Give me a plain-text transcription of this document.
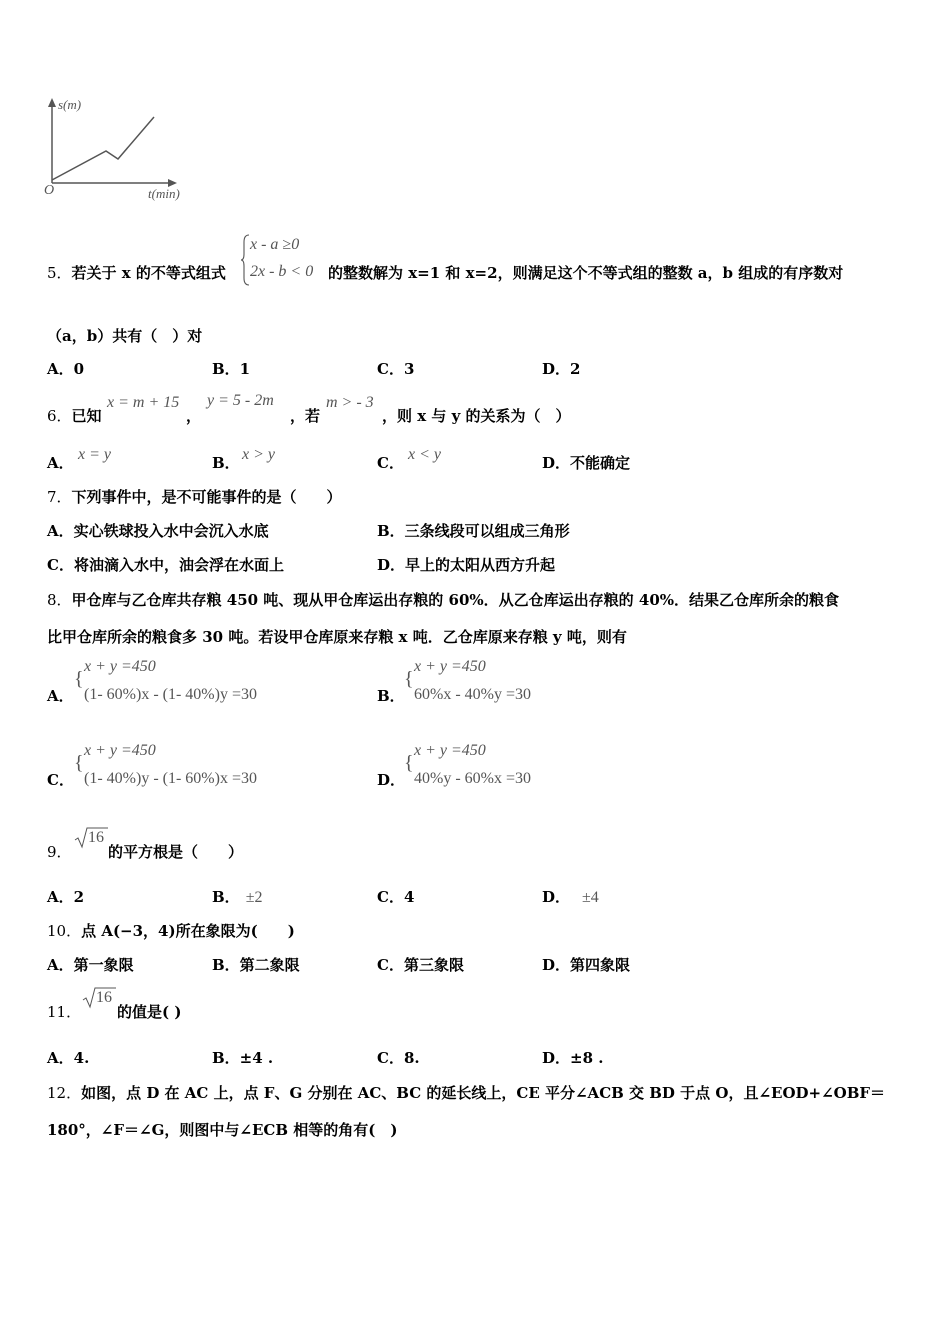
s(m)
t(min)
O
5．若关于 x 的不等式组式
x - a ≥0
2x - b < 0 的整数解为 x=1 和 x=2，则满足这个不等式组的整数 a，b 组成的有序数对
（a，b）共有（　）对
A．0	B．1	C．3	D．2
6．已知
x = m + 15
，
y = 5 - 2m
，若
m > - 3
，则 x 与 y 的关系为（　）
A． x = y	B． x > y	C． x < y	D．不能确定
7．下列事件中，是不可能事件的是（　　）
A．实心铁球投入水中会沉入水底	B．三条线段可以组成三角形
C．将油滴入水中，油会浮在水面上	D．早上的太阳从西方升起
8．甲仓库与乙仓库共存粮 450 吨、现从甲仓库运出存粮的 60%．从乙仓库运出存粮的 40%．结果乙仓库所余的粮食
比甲仓库所余的粮食多 30 吨。若设甲仓库原来存粮 x 吨．乙仓库原来存粮 y 吨，则有
A．
{
x + y =450
(1- 60%)x - (1- 40%)y =30	B．
{
x + y =450
60%x - 40%y =30
C．
{
x + y =450
(1- 40%)y - (1- 60%)x =30	D．
{
x + y =450
40%y - 60%x =30
9．
16
的平方根是（　　）
A．2	B． ±2	C．4	D． ±4
10．点 A(−3，4)所在象限为(　　)
A．第一象限	B．第二象限	C．第三象限	D．第四象限
11．
16
的值是( )
A．4.	B．±4 .	C．8.	D．±8 .
12．如图，点 D 在 AC 上，点 F、G 分别在 AC、BC 的延长线上，CE 平分∠ACB 交 BD 于点 O，且∠EOD+∠OBF＝
180°，∠F＝∠G，则图中与∠ECB 相等的角有(　)
